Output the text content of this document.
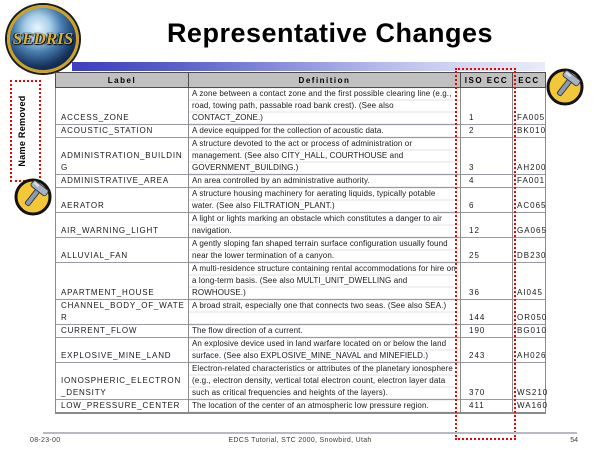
SEDRIS	Representative Changes
Label	Definition	ISO ECC	ECC
ACCESS_ZONE	A zone between a contact zone and the first possible clearing line (e.g., road, towing path, passable road bank crest). (See also CONTACT_ZONE.)	1	FA005
ACOUSTIC_STATION	A device equipped for the collection of acoustic data.	2	BK010
ADMINISTRATION_BUILDING	A structure devoted to the act or process of administration or management. (See also CITY_HALL, COURTHOUSE and GOVERNMENT_BUILDING.)	3	AH200
ADMINISTRATIVE_AREA	An area controlled by an administrative authority.	4	FA001
AERATOR	A structure housing machinery for aerating liquids, typically potable water. (See also FILTRATION_PLANT.)	6	AC065
AIR_WARNING_LIGHT	A light or lights marking an obstacle which constitutes a danger to air navigation.	12	GA065
ALLUVIAL_FAN	A gently sloping fan shaped terrain surface configuration usually found near the lower termination of a canyon.	25	DB230
APARTMENT_HOUSE	A multi-residence structure containing rental accommodations for hire on a long-term basis. (See also MULTI_UNIT_DWELLING and ROWHOUSE.)	36	AI045
CHANNEL_BODY_OF_WATER	A broad strait, especially one that connects two seas. (See also SEA.)	144	OR050
CURRENT_FLOW	The flow direction of a current.	190	BG010
EXPLOSIVE_MINE_LAND	An explosive device used in land warfare located on or below the land surface. (See also EXPLOSIVE_MINE_NAVAL and MINEFIELD.)	243	AH026
IONOSPHERIC_ELECTRON_DENSITY	Electron-related characteristics or attributes of the planetary ionosphere (e.g., electron density, vertical total electron count, electron layer data such as critical frequencies and heights of the layers).	370	WS210
LOW_PRESSURE_CENTER	The location of the center of an atmospheric low pressure region.	411	WA160
Name Removed
08-23-00	EDCS Tutorial, STC 2000, Snowbird, Utah	54
